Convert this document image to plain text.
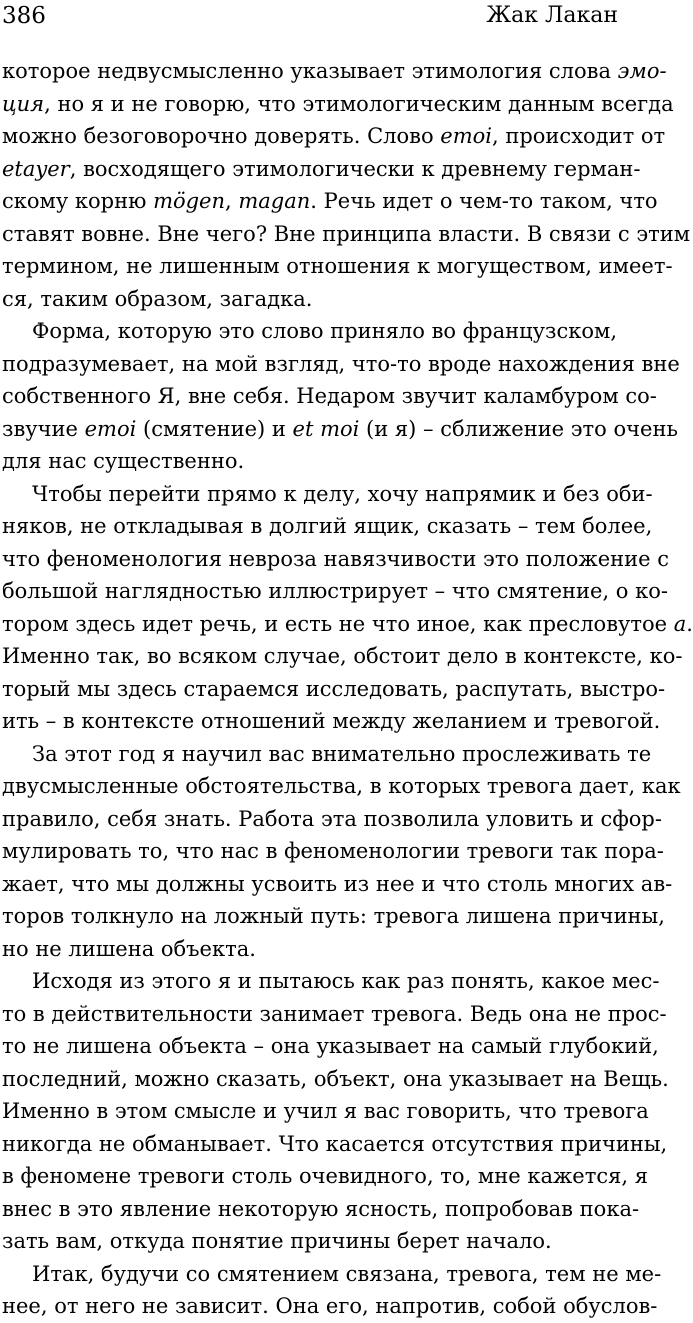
386	Жак Лакан
которое недвусмысленно указывает этимология слова эмо-
ция, но я и не говорю, что этимологическим данным всегда
можно безоговорочно доверять. Слово emoi, происходит от
etayer, восходящего этимологически к древнему герман-
скому корню mögen, magan. Речь идет о чем-то таком, что
ставят вовне. Вне чего? Вне принципа власти. В связи с этим
термином, не лишенным отношения к могуществом, имеет-
ся, таким образом, загадка.
Форма, которую это слово приняло во французском,
подразумевает, на мой взгляд, что-то вроде нахождения вне
собственного Я, вне себя. Недаром звучит каламбуром со-
звучие emoi (смятение) и et moi (и я) – сближение это очень
для нас существенно.
Чтобы перейти прямо к делу, хочу напрямик и без оби-
няков, не откладывая в долгий ящик, сказать – тем более,
что феноменология невроза навязчивости это положение с
большой наглядностью иллюстрирует – что смятение, о ко-
тором здесь идет речь, и есть не что иное, как пресловутое a.
Именно так, во всяком случае, обстоит дело в контексте, ко-
торый мы здесь стараемся исследовать, распутать, выстро-
ить – в контексте отношений между желанием и тревогой.
За этот год я научил вас внимательно прослеживать те
двусмысленные обстоятельства, в которых тревога дает, как
правило, себя знать. Работа эта позволила уловить и сфор-
мулировать то, что нас в феноменологии тревоги так пора-
жает, что мы должны усвоить из нее и что столь многих ав-
торов толкнуло на ложный путь: тревога лишена причины,
но не лишена объекта.
Исходя из этого я и пытаюсь как раз понять, какое мес-
то в действительности занимает тревога. Ведь она не прос-
то не лишена объекта – она указывает на самый глубокий,
последний, можно сказать, объект, она указывает на Вещь.
Именно в этом смысле и учил я вас говорить, что тревога
никогда не обманывает. Что касается отсутствия причины,
в феномене тревоги столь очевидного, то, мне кажется, я
внес в это явление некоторую ясность, попробовав пока-
зать вам, откуда понятие причины берет начало.
Итак, будучи со смятением связана, тревога, тем не ме-
нее, от него не зависит. Она его, напротив, собой обуслов-
